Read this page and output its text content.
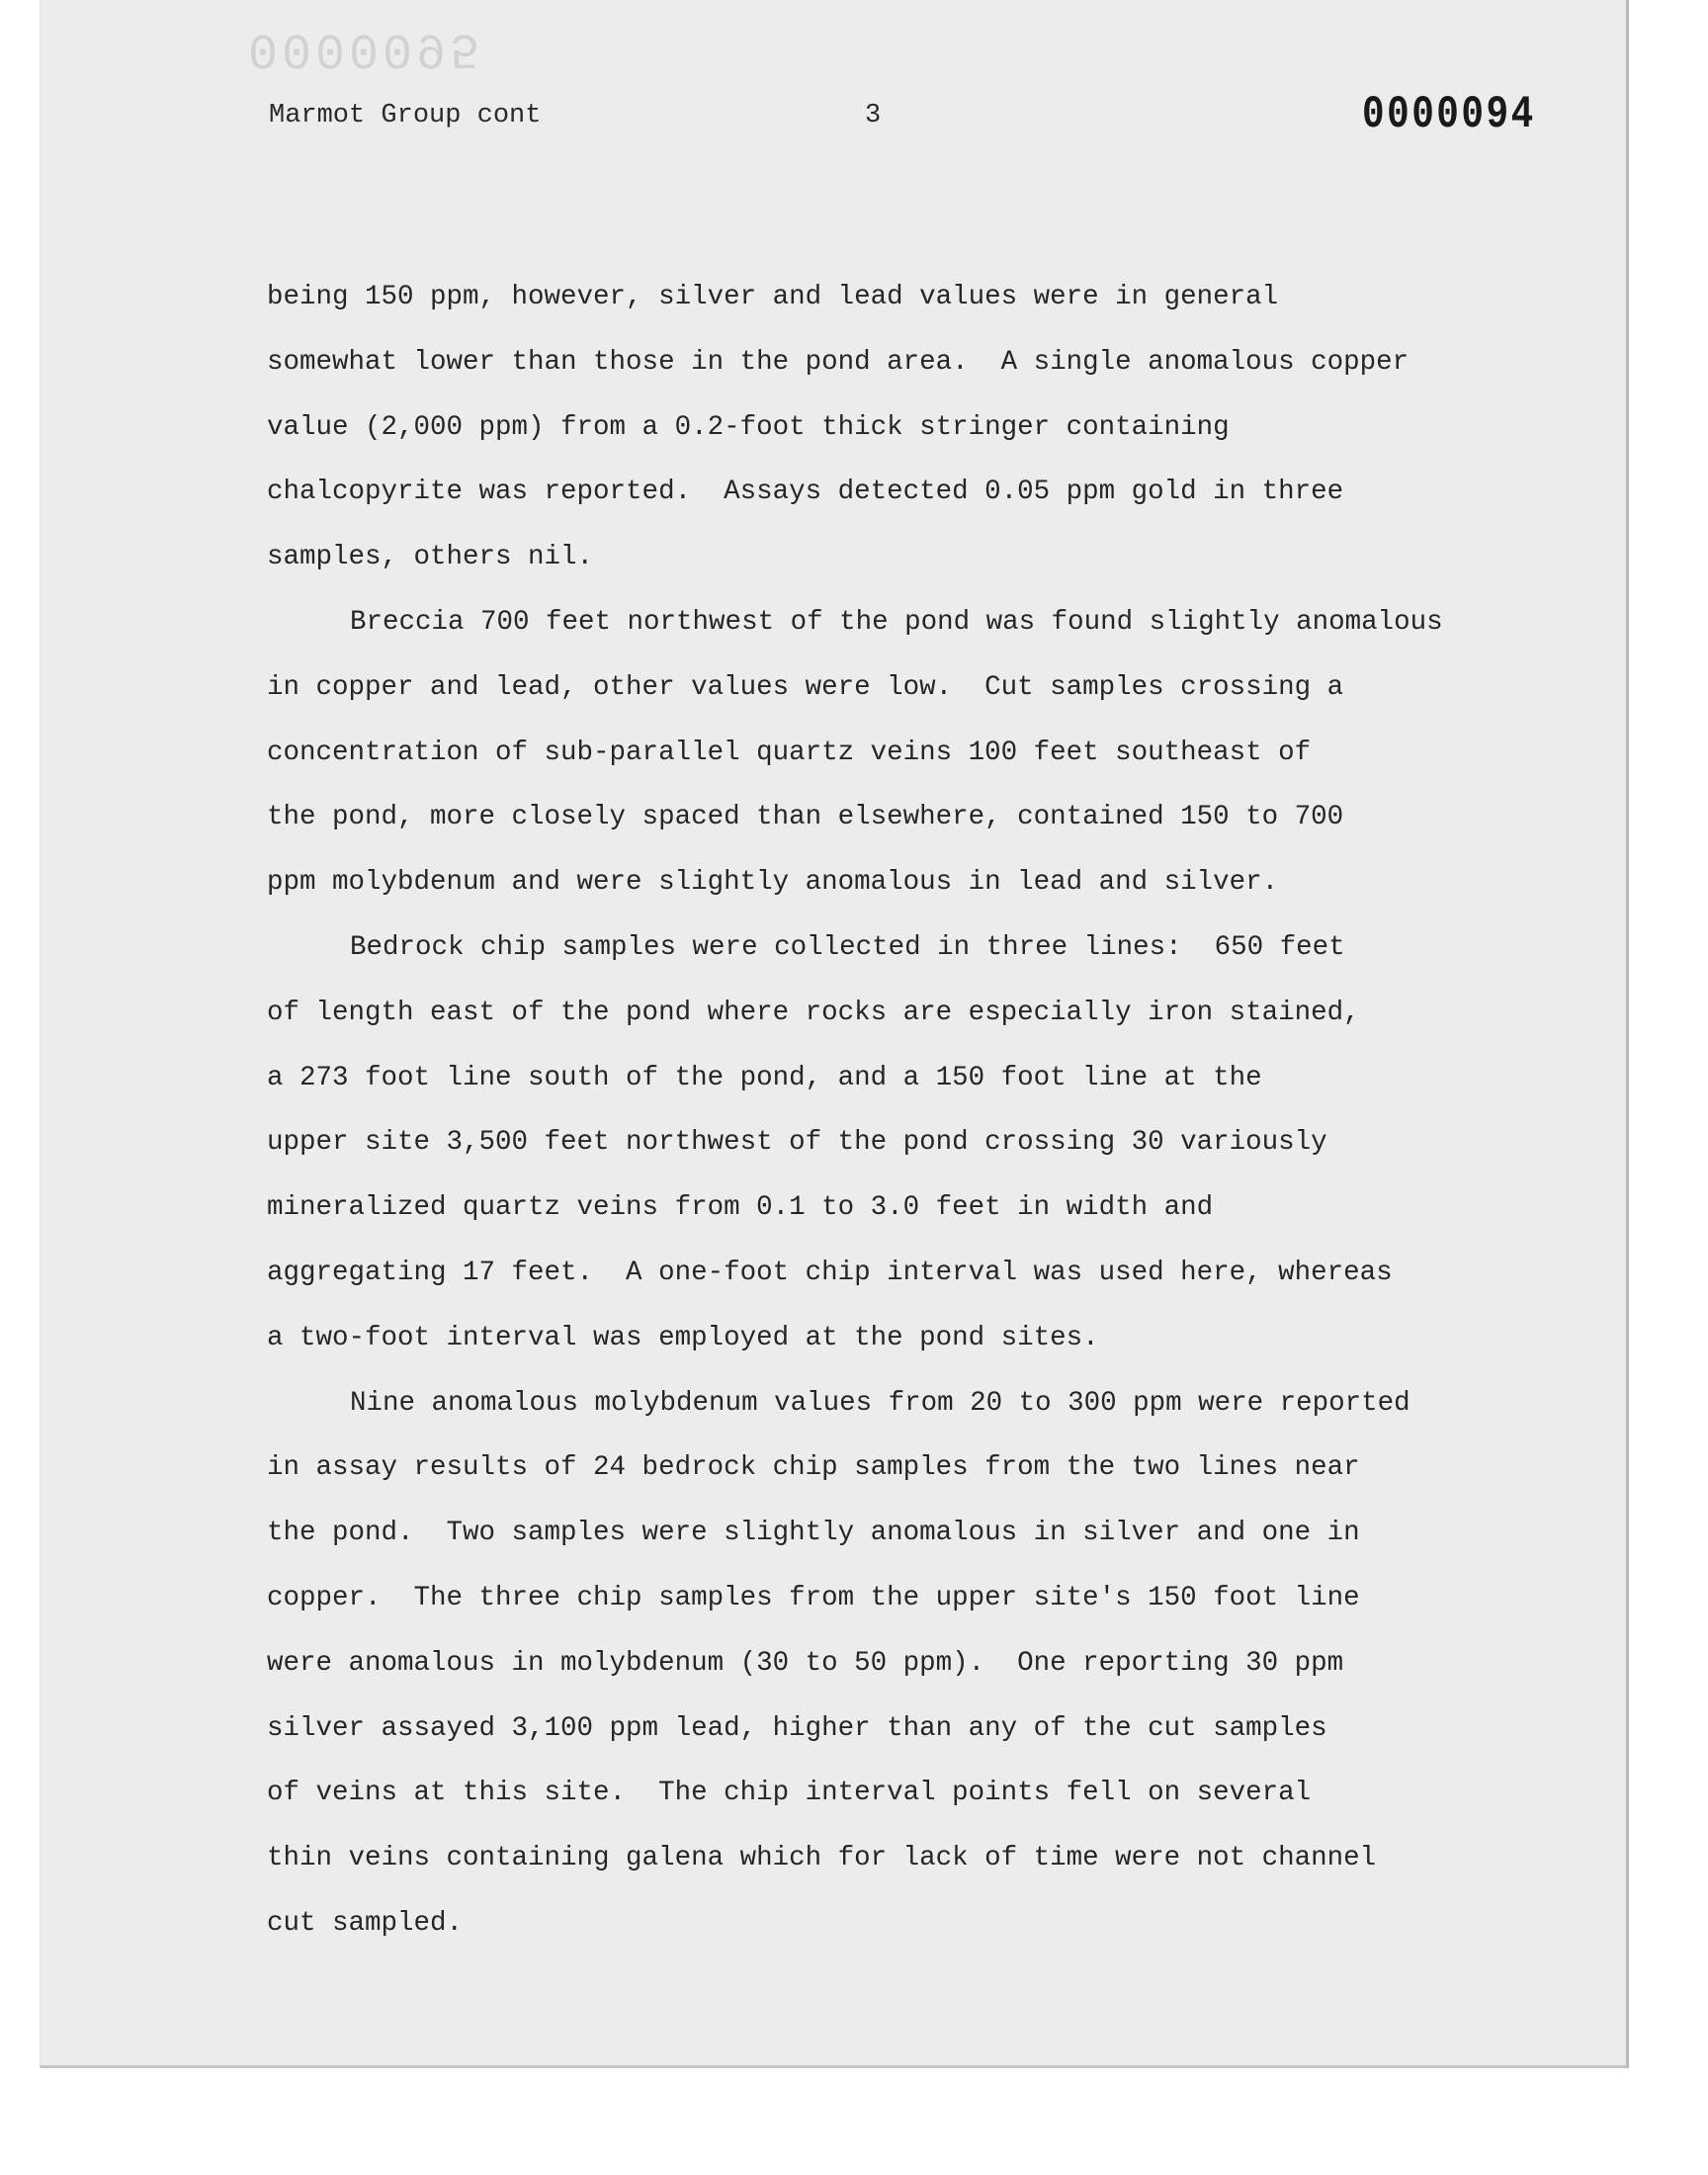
0000095
Marmot Group cont	3	0000094

being 150 ppm, however, silver and lead values were in general
somewhat lower than those in the pond area.  A single anomalous copper
value (2,000 ppm) from a 0.2-foot thick stringer containing
chalcopyrite was reported.  Assays detected 0.05 ppm gold in three
samples, others nil.

Breccia 700 feet northwest of the pond was found slightly anomalous
in copper and lead, other values were low.  Cut samples crossing a
concentration of sub-parallel quartz veins 100 feet southeast of
the pond, more closely spaced than elsewhere, contained 150 to 700
ppm molybdenum and were slightly anomalous in lead and silver.

Bedrock chip samples were collected in three lines:  650 feet
of length east of the pond where rocks are especially iron stained,
a 273 foot line south of the pond, and a 150 foot line at the
upper site 3,500 feet northwest of the pond crossing 30 variously
mineralized quartz veins from 0.1 to 3.0 feet in width and
aggregating 17 feet.  A one-foot chip interval was used here, whereas
a two-foot interval was employed at the pond sites.

Nine anomalous molybdenum values from 20 to 300 ppm were reported
in assay results of 24 bedrock chip samples from the two lines near
the pond.  Two samples were slightly anomalous in silver and one in
copper.  The three chip samples from the upper site's 150 foot line
were anomalous in molybdenum (30 to 50 ppm).  One reporting 30 ppm
silver assayed 3,100 ppm lead, higher than any of the cut samples
of veins at this site.  The chip interval points fell on several
thin veins containing galena which for lack of time were not channel
cut sampled.
